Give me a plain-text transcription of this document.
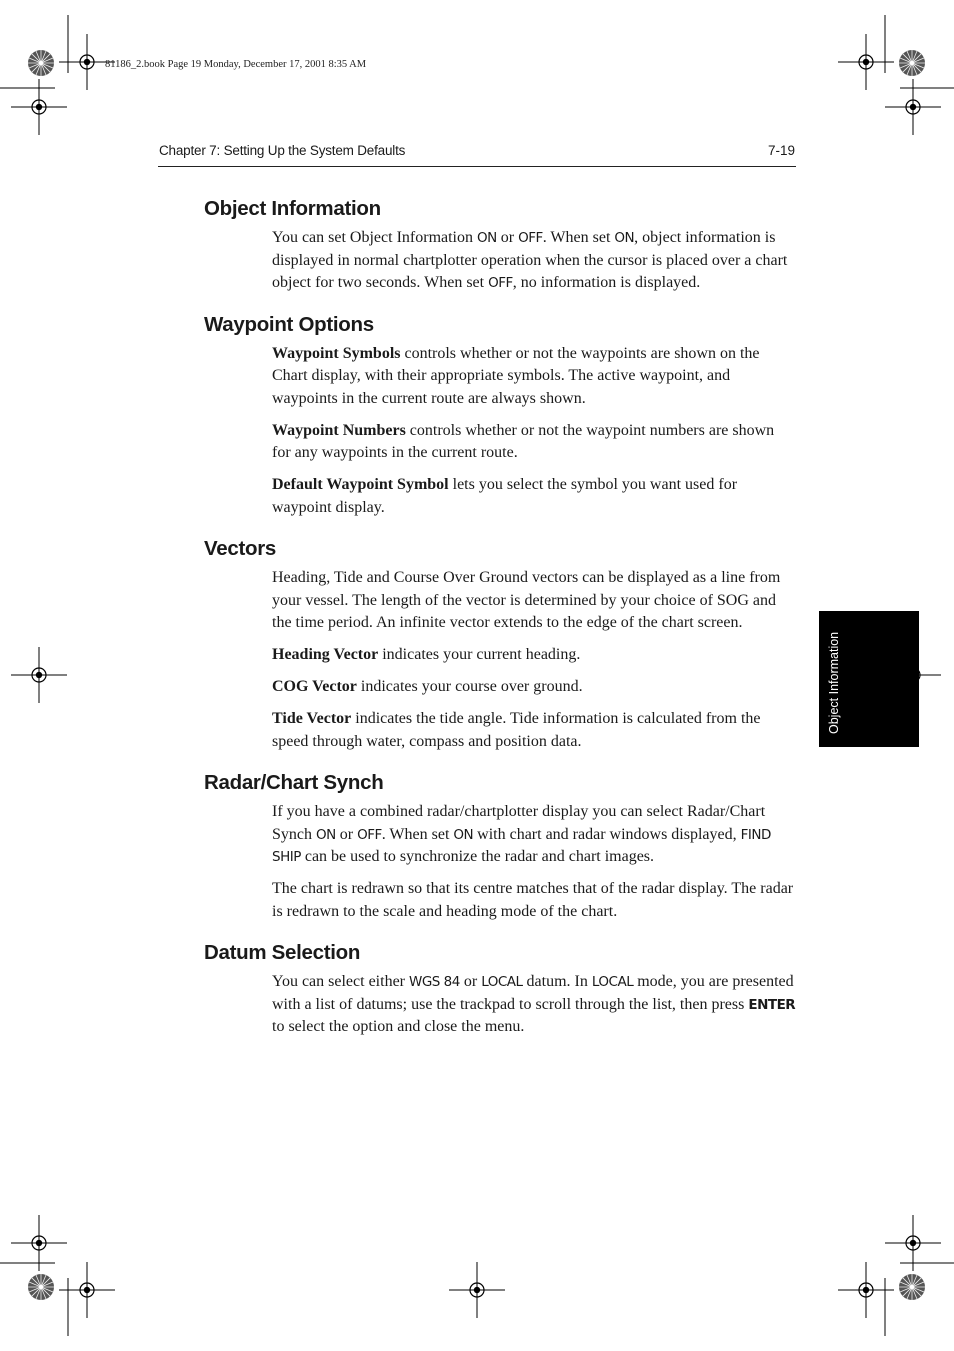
81186_2.book Page 19 Monday, December 17, 2001 8:35 AM
Chapter 7: Setting Up the System Defaults	7-19
Object Information
Object Information

You can set Object Information ON or OFF. When set ON, object information is displayed in normal chartplotter operation when the cursor is placed over a chart object for two seconds. When set OFF, no information is displayed.

Waypoint Options

Waypoint Symbols controls whether or not the waypoints are shown on the Chart display, with their appropriate symbols. The active waypoint, and waypoints in the current route are always shown.

Waypoint Numbers controls whether or not the waypoint numbers are shown for any waypoints in the current route.

Default Waypoint Symbol lets you select the symbol you want used for waypoint display.

Vectors

Heading, Tide and Course Over Ground vectors can be displayed as a line from your vessel. The length of the vector is determined by your choice of SOG and the time period. An infinite vector extends to the edge of the chart screen.

Heading Vector indicates your current heading.

COG Vector indicates your course over ground.

Tide Vector indicates the tide angle. Tide information is calculated from the speed through water, compass and position data.

Radar/Chart Synch

If you have a combined radar/chartplotter display you can select Radar/Chart Synch ON or OFF. When set ON with chart and radar windows displayed, FIND SHIP can be used to synchronize the radar and chart images.

The chart is redrawn so that its centre matches that of the radar display. The radar is redrawn to the scale and heading mode of the chart.

Datum Selection

You can select either WGS 84 or LOCAL datum. In LOCAL mode, you are presented with a list of datums; use the trackpad to scroll through the list, then press ENTER to select the option and close the menu.
